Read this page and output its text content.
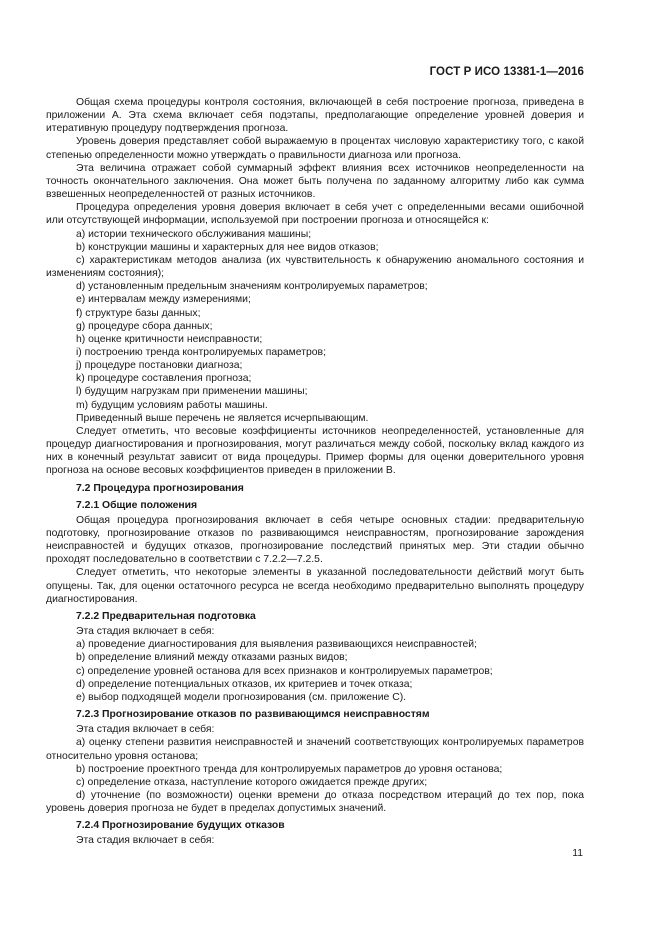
ГОСТ Р ИСО 13381-1—2016

Общая схема процедуры контроля состояния, включающей в себя построение прогноза, приведена в приложении А. Эта схема включает себя подэтапы, предполагающие определение уровней доверия и итеративную процедуру подтверждения прогноза.

Уровень доверия представляет собой выражаемую в процентах числовую характеристику того, с какой степенью определенности можно утверждать о правильности диагноза или прогноза.

Эта величина отражает собой суммарный эффект влияния всех источников неопределенности на точность окончательного заключения. Она может быть получена по заданному алгоритму либо как сумма взвешенных неопределенностей от разных источников.

Процедура определения уровня доверия включает в себя учет с определенными весами ошибочной или отсутствующей информации, используемой при построении прогноза и относящейся к:

a) истории технического обслуживания машины;

b) конструкции машины и характерных для нее видов отказов;

c) характеристикам методов анализа (их чувствительность к обнаружению аномального состояния и изменениям состояния);

d) установленным предельным значениям контролируемых параметров;

e) интервалам между измерениями;

f) структуре базы данных;

g) процедуре сбора данных;

h) оценке критичности неисправности;

i) построению тренда контролируемых параметров;

j) процедуре постановки диагноза;

k) процедуре составления прогноза;

l) будущим нагрузкам при применении машины;

m) будущим условиям работы машины.

Приведенный выше перечень не является исчерпывающим.

Следует отметить, что весовые коэффициенты источников неопределенностей, установленные для процедур диагностирования и прогнозирования, могут различаться между собой, поскольку вклад каждого из них в конечный результат зависит от вида процедуры. Пример формы для оценки доверительного уровня прогноза на основе весовых коэффициентов приведен в приложении В.

7.2 Процедура прогнозирования

7.2.1 Общие положения

Общая процедура прогнозирования включает в себя четыре основных стадии: предварительную подготовку, прогнозирование отказов по развивающимся неисправностям, прогнозирование зарождения неисправностей и будущих отказов, прогнозирование последствий принятых мер. Эти стадии обычно проходят последовательно в соответствии с 7.2.2—7.2.5.

Следует отметить, что некоторые элементы в указанной последовательности действий могут быть опущены. Так, для оценки остаточного ресурса не всегда необходимо предварительно выполнять процедуру диагностирования.

7.2.2 Предварительная подготовка

Эта стадия включает в себя:

a) проведение диагностирования для выявления развивающихся неисправностей;

b) определение влияний между отказами разных видов;

c) определение уровней останова для всех признаков и контролируемых параметров;

d) определение потенциальных отказов, их критериев и точек отказа;

e) выбор подходящей модели прогнозирования (см. приложение С).

7.2.3 Прогнозирование отказов по развивающимся неисправностям

Эта стадия включает в себя:

a) оценку степени развития неисправностей и значений соответствующих контролируемых параметров относительно уровня останова;

b) построение проектного тренда для контролируемых параметров до уровня останова;

c) определение отказа, наступление которого ожидается прежде других;

d) уточнение (по возможности) оценки времени до отказа посредством итераций до тех пор, пока уровень доверия прогноза не будет в пределах допустимых значений.

7.2.4 Прогнозирование будущих отказов

Эта стадия включает в себя:

11
